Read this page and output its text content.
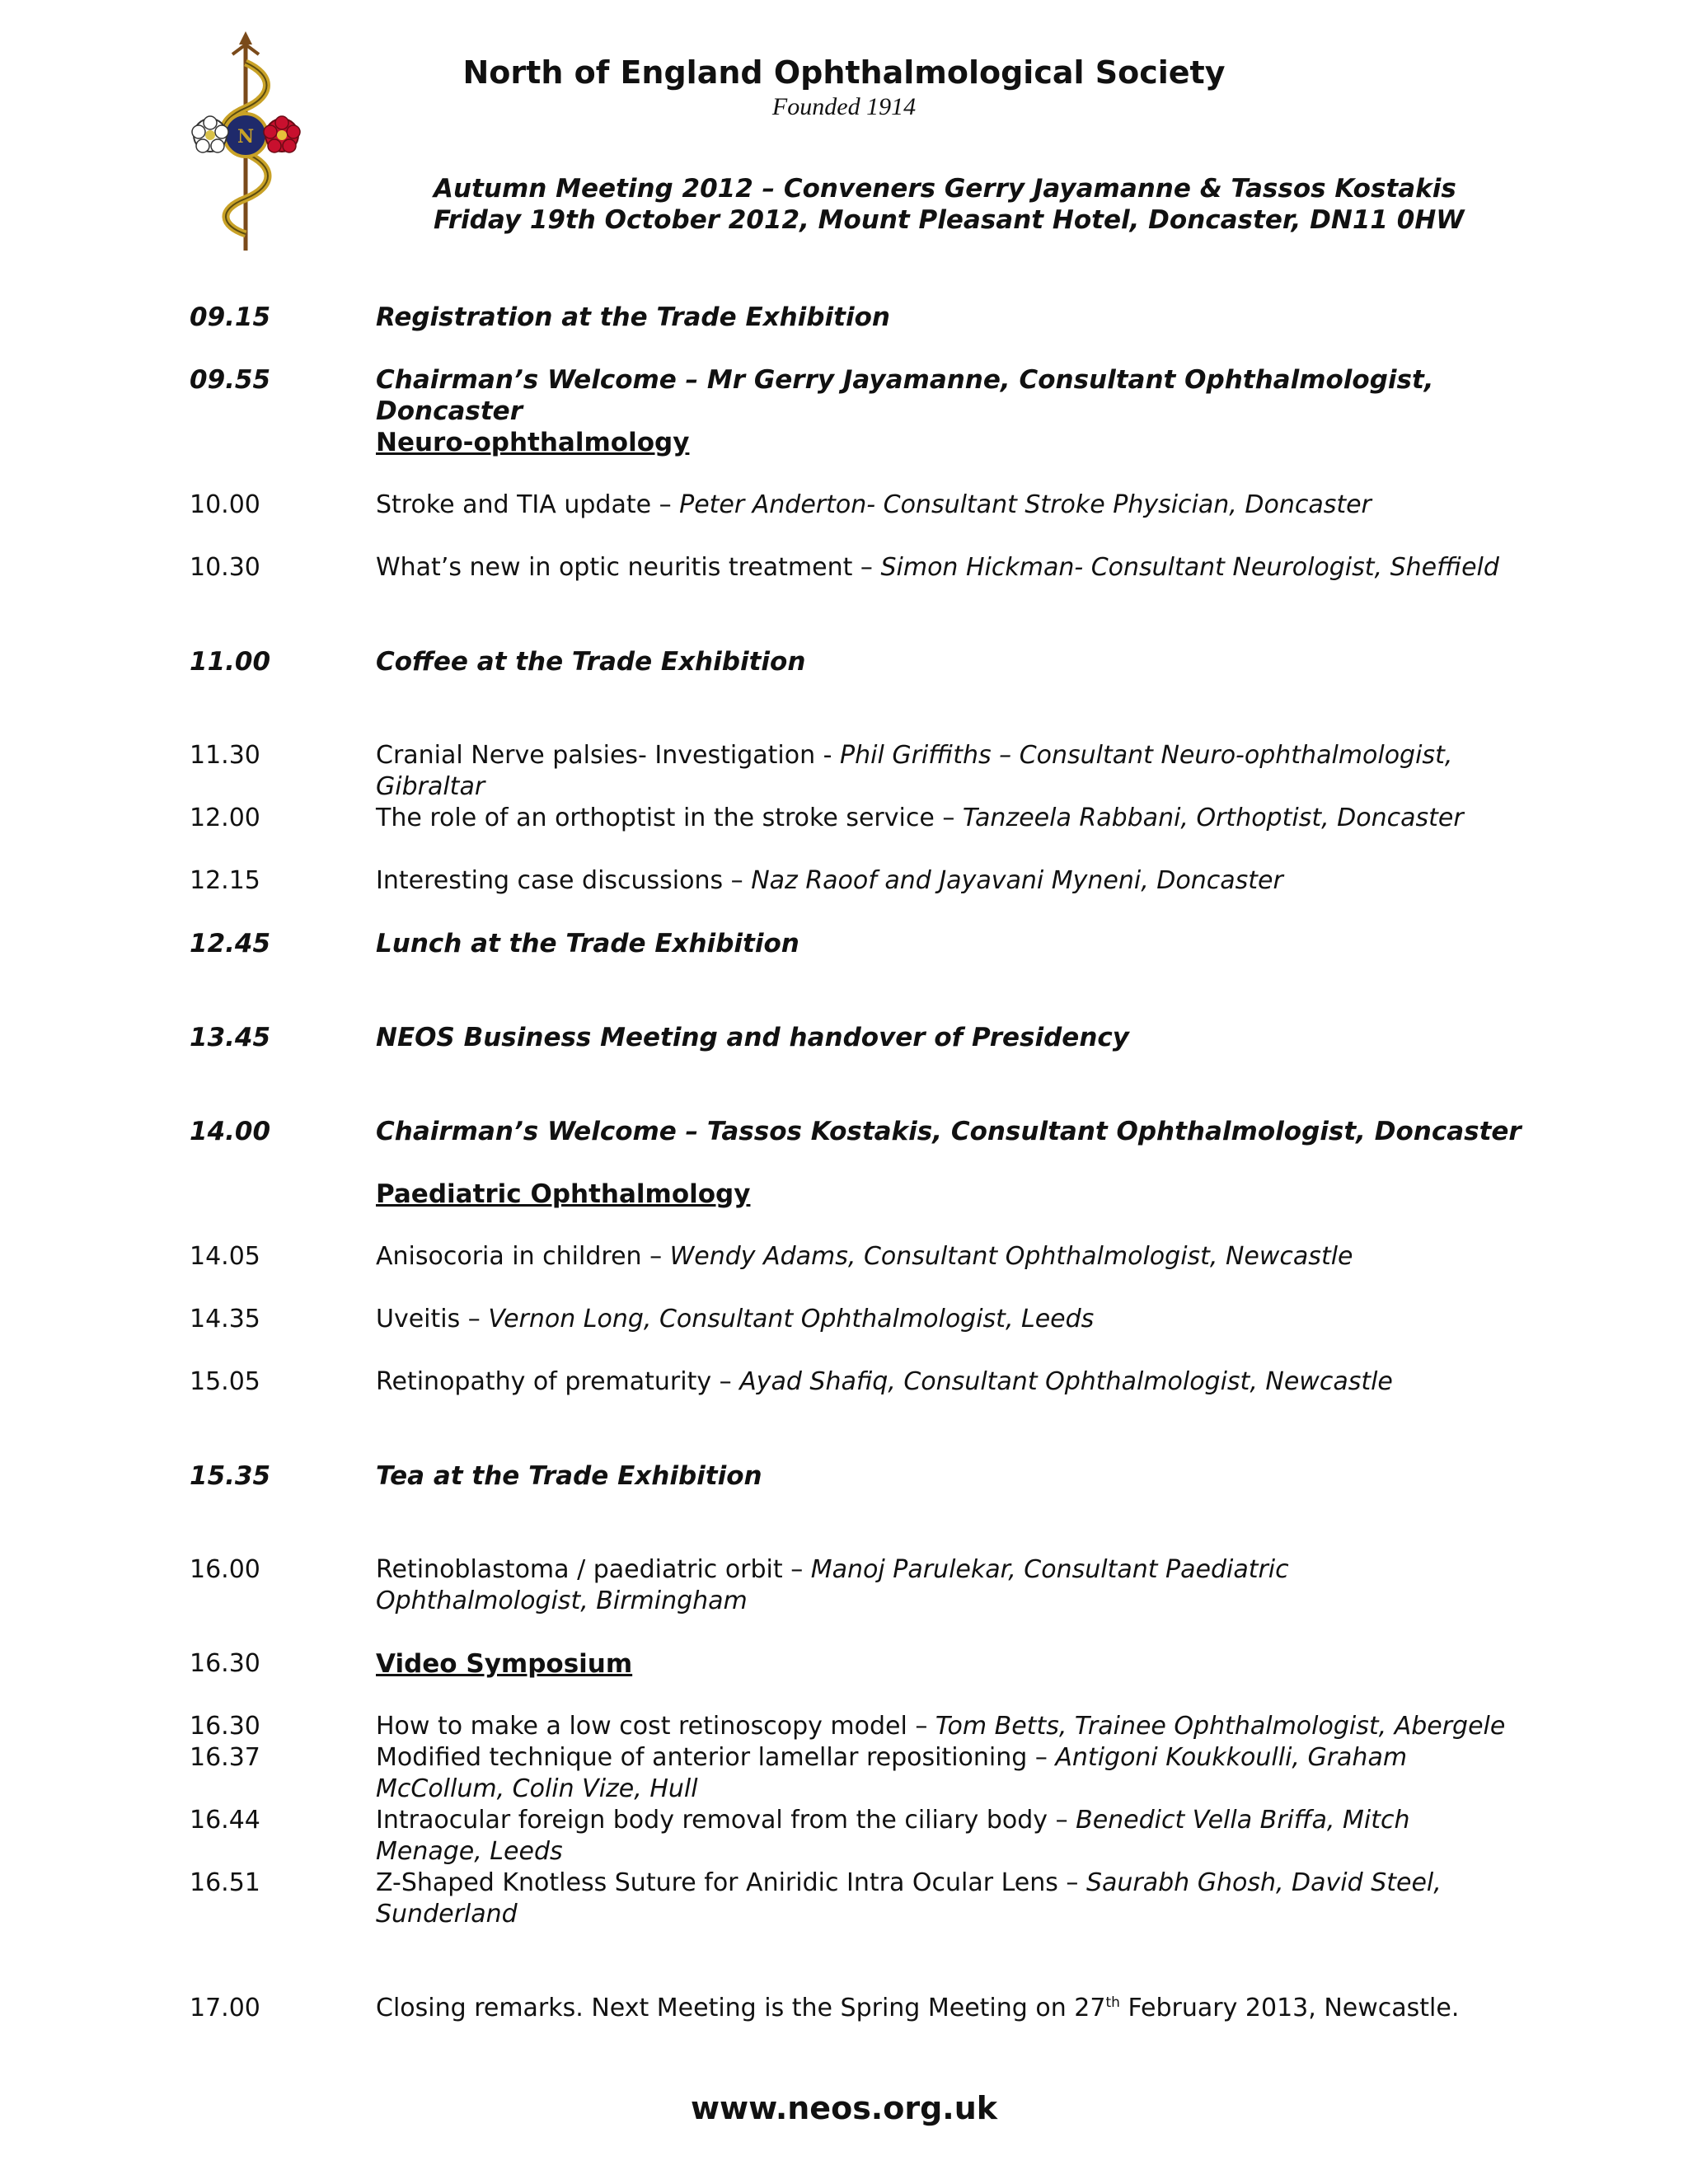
N
North of England Ophthalmological Society
Founded 1914
Autumn Meeting 2012 – Conveners Gerry Jayamanne & Tassos Kostakis
Friday 19th October 2012, Mount Pleasant Hotel, Doncaster, DN11 0HW
09.15	Registration at the Trade Exhibition
09.55	Chairman’s Welcome – Mr Gerry Jayamanne, Consultant Ophthalmologist, Doncaster
Neuro-ophthalmology
10.00	Stroke and TIA update – Peter Anderton- Consultant Stroke Physician, Doncaster
10.30	What’s new in optic neuritis treatment – Simon Hickman- Consultant Neurologist, Sheffield
11.00	Coffee at the Trade Exhibition
11.30	Cranial Nerve palsies- Investigation - Phil Griffiths – Consultant Neuro-ophthalmologist, Gibraltar
12.00	The role of an orthoptist in the stroke service – Tanzeela Rabbani, Orthoptist, Doncaster
12.15	Interesting case discussions – Naz Raoof and Jayavani Myneni, Doncaster
12.45	Lunch at the Trade Exhibition
13.45	NEOS Business Meeting and handover of Presidency
14.00	Chairman’s Welcome – Tassos Kostakis, Consultant Ophthalmologist, Doncaster
Paediatric Ophthalmology
14.05	Anisocoria in children – Wendy Adams, Consultant Ophthalmologist, Newcastle
14.35	Uveitis – Vernon Long, Consultant Ophthalmologist, Leeds
15.05	Retinopathy of prematurity – Ayad Shafiq, Consultant Ophthalmologist, Newcastle
15.35	Tea at the Trade Exhibition
16.00	Retinoblastoma / paediatric orbit – Manoj Parulekar, Consultant Paediatric Ophthalmologist, Birmingham
16.30	Video Symposium
16.30	How to make a low cost retinoscopy model – Tom Betts, Trainee Ophthalmologist, Abergele
16.37	Modified technique of anterior lamellar repositioning – Antigoni Koukkoulli, Graham McCollum, Colin Vize, Hull
16.44	Intraocular foreign body removal from the ciliary body – Benedict Vella Briffa, Mitch Menage, Leeds
16.51	Z-Shaped Knotless Suture for Aniridic Intra Ocular Lens – Saurabh Ghosh, David Steel, Sunderland
17.00	Closing remarks. Next Meeting is the Spring Meeting on 27th February 2013, Newcastle.
www.neos.org.uk
